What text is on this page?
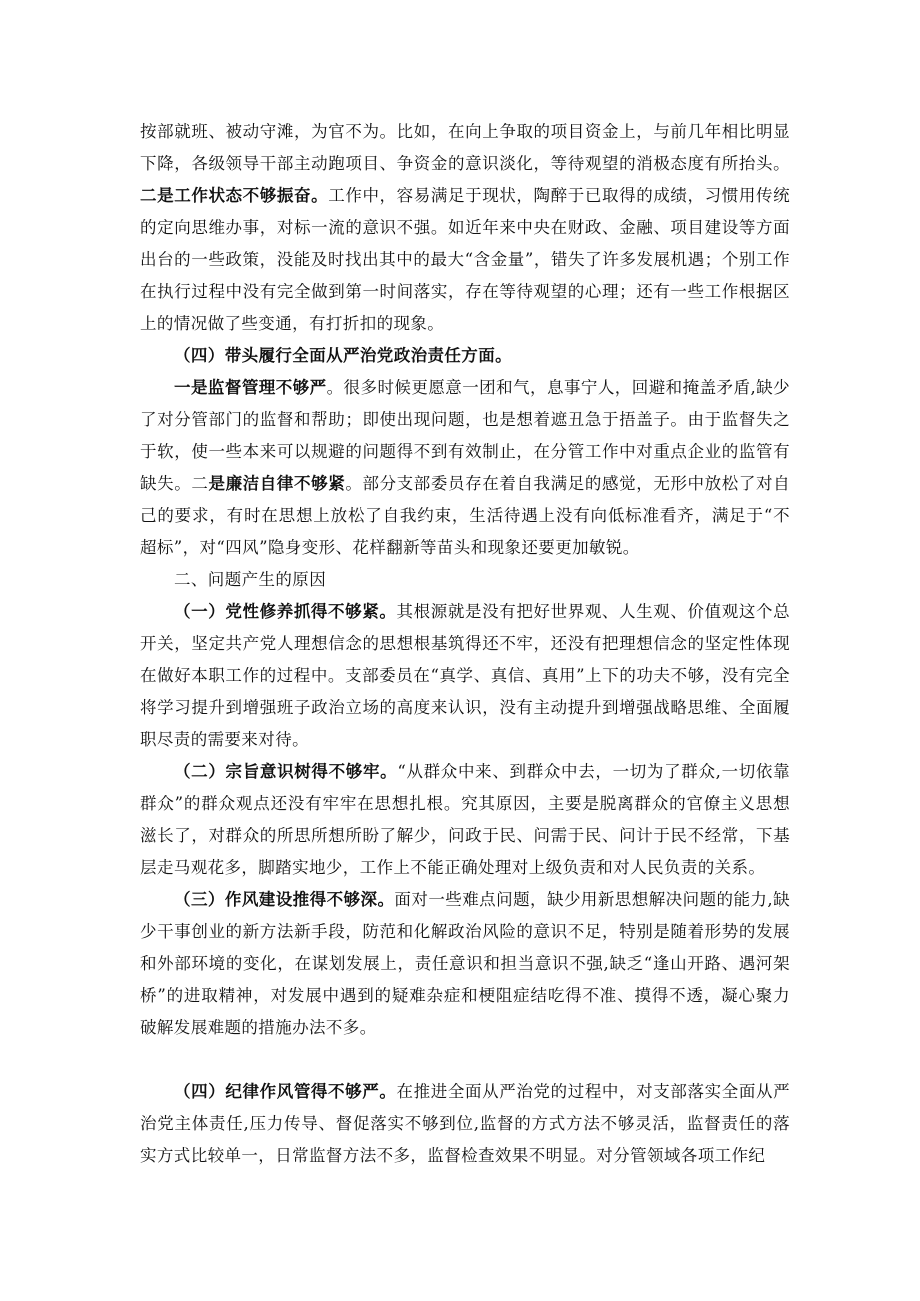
按部就班、被动守滩，为官不为。比如，在向上争取的项目资金上，与前几年相比明显下降，各级领导干部主动跑项目、争资金的意识淡化，等待观望的消极态度有所抬头。二是工作状态不够振奋。工作中，容易满足于现状，陶醉于已取得的成绩，习惯用传统的定向思维办事，对标一流的意识不强。如近年来中央在财政、金融、项目建设等方面出台的一些政策，没能及时找出其中的最大“含金量”，错失了许多发展机遇；个别工作在执行过程中没有完全做到第一时间落实，存在等待观望的心理；还有一些工作根据区上的情况做了些变通，有打折扣的现象。

（四）带头履行全面从严治党政治责任方面。

一是监督管理不够严。很多时候更愿意一团和气，息事宁人，回避和掩盖矛盾,缺少了对分管部门的监督和帮助；即使出现问题，也是想着遮丑急于捂盖子。由于监督失之于软，使一些本来可以规避的问题得不到有效制止，在分管工作中对重点企业的监管有缺失。二是廉洁自律不够紧。部分支部委员存在着自我满足的感觉，无形中放松了对自己的要求，有时在思想上放松了自我约束，生活待遇上没有向低标准看齐，满足于“不超标”，对“四风”隐身变形、花样翻新等苗头和现象还要更加敏锐。

二、问题产生的原因

（一）党性修养抓得不够紧。其根源就是没有把好世界观、人生观、价值观这个总开关，坚定共产党人理想信念的思想根基筑得还不牢，还没有把理想信念的坚定性体现在做好本职工作的过程中。支部委员在“真学、真信、真用”上下的功夫不够，没有完全将学习提升到增强班子政治立场的高度来认识，没有主动提升到增强战略思维、全面履职尽责的需要来对待。

（二）宗旨意识树得不够牢。“从群众中来、到群众中去，一切为了群众,一切依靠群众”的群众观点还没有牢牢在思想扎根。究其原因，主要是脱离群众的官僚主义思想滋长了，对群众的所思所想所盼了解少，问政于民、问需于民、问计于民不经常，下基层走马观花多，脚踏实地少，工作上不能正确处理对上级负责和对人民负责的关系。

（三）作风建设推得不够深。面对一些难点问题，缺少用新思想解决问题的能力,缺少干事创业的新方法新手段，防范和化解政治风险的意识不足，特别是随着形势的发展和外部环境的变化，在谋划发展上，责任意识和担当意识不强,缺乏“逢山开路、遇河架桥”的进取精神，对发展中遇到的疑难杂症和梗阻症结吃得不准、摸得不透，凝心聚力破解发展难题的措施办法不多。

（四）纪律作风管得不够严。在推进全面从严治党的过程中，对支部落实全面从严治党主体责任,压力传导、督促落实不够到位,监督的方式方法不够灵活，监督责任的落实方式比较单一，日常监督方法不多，监督检查效果不明显。对分管领域各项工作纪
